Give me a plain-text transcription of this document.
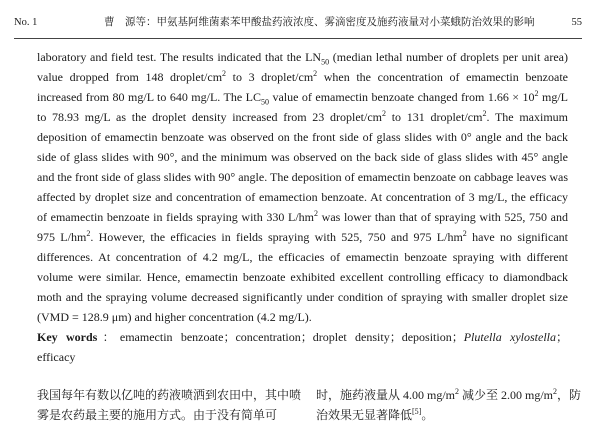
No. 1	曹　源等：甲氨基阿维菌素苯甲酸盐药液浓度、雾滴密度及施药液量对小菜蛾防治效果的影响	55

laboratory and field test. The results indicated that the $LN_{50}$ (median lethal number of droplets per unit area) value dropped from 148 droplet/$cm^2$ to 3 droplet/$cm^2$ when the concentration of emamectin benzoate increased from 80 mg/L to 640 mg/L. The $LC_{50}$ value of emamectin benzoate changed from $1.66 \times 10^2$ mg/L to 78.93 mg/L as the droplet density increased from 23 droplet/$cm^2$ to 131 droplet/$cm^2$. The maximum deposition of emamectin benzoate was observed on the front side of glass slides with 0° angle and the back side of glass slides with 90°, and the minimum was observed on the back side of glass slides with 45° angle and the front side of glass slides with 90° angle. The deposition of emamectin benzoate on cabbage leaves was affected by droplet size and concentration of emamection benzoate. At concentration of 3 mg/L, the efficacy of emamectin benzoate in fields spraying with 330 $L/hm^2$ was lower than that of spraying with 525, 750 and 975 $L/hm^2$. However, the efficacies in fields spraying with 525, 750 and 975 $L/hm^2$ have no significant differences. At concentration of 4.2 mg/L, the efficacies of emamectin benzoate spraying with different volume were similar. Hence, emamectin benzoate exhibited excellent controlling efficacy to diamondback moth and the spraying volume decreased significantly under condition of spraying with smaller droplet size (VMD = 128.9 μm) and higher concentration (4.2 mg/L).

Key words：emamectin benzoate；concentration；droplet density；deposition；Plutella xylostella； efficacy

我国每年有数以亿吨的药液喷洒到农田中，其中喷雾是农药最主要的施用方式。由于没有简单可

时，施药液量从 4.00 $mg/m^2$ 减少至 2.00 $mg/m^2$，防治效果无显著降低[5]。
